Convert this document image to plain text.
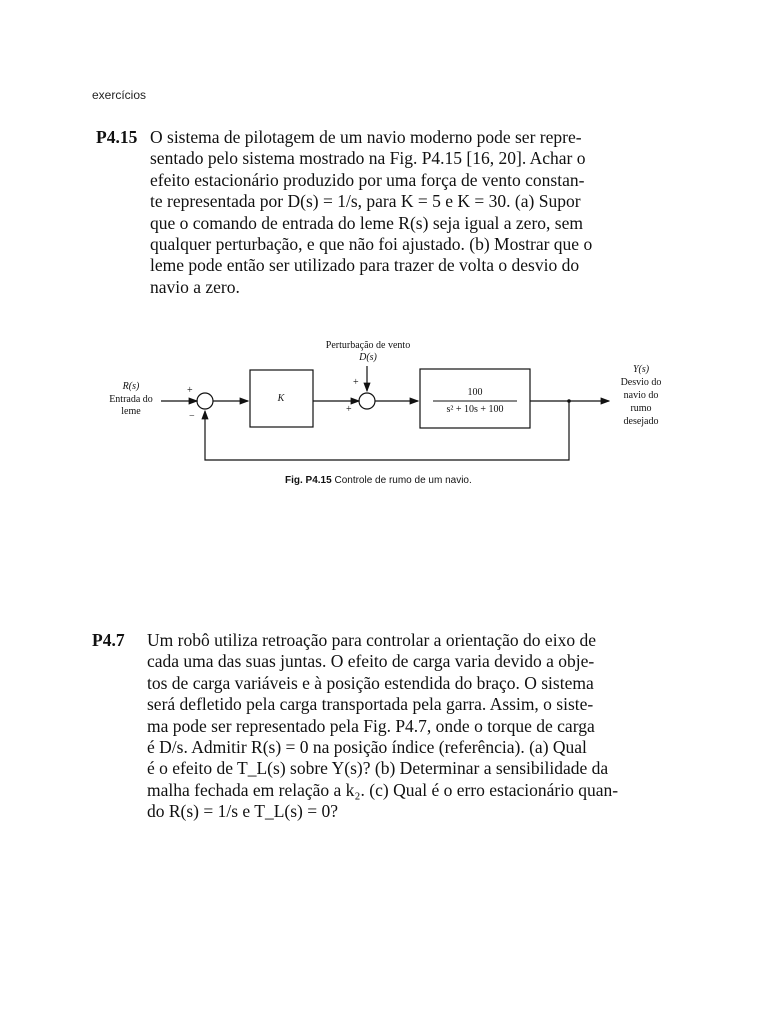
exercícios
P4.15 O sistema de pilotagem de um navio moderno pode ser repre-
sentado pelo sistema mostrado na Fig. P4.15 [16, 20]. Achar o
efeito estacionário produzido por uma força de vento constan-
te representada por D(s) = 1/s, para K = 5 e K = 30. (a) Supor
que o comando de entrada do leme R(s) seja igual a zero, sem
qualquer perturbação, e que não foi ajustado. (b) Mostrar que o
leme pode então ser utilizado para trazer de volta o desvio do
navio a zero.
Perturbação de vento
D(s)
R(s)
Entrada do
leme
+
−
K
+
+
100
s² + 10s + 100
Y(s)
Desvio do
navio do
rumo
desejado
Fig. P4.15 Controle de rumo de um navio.
P4.7 Um robô utiliza retroação para controlar a orientação do eixo de
cada uma das suas juntas. O efeito de carga varia devido a obje-
tos de carga variáveis e à posição estendida do braço. O sistema
será defletido pela carga transportada pela garra. Assim, o siste-
ma pode ser representado pela Fig. P4.7, onde o torque de carga
é D/s. Admitir R(s) = 0 na posição índice (referência). (a) Qual
é o efeito de T_L(s) sobre Y(s)? (b) Determinar a sensibilidade da
malha fechada em relação a k₂. (c) Qual é o erro estacionário quan-
do R(s) = 1/s e T_L(s) = 0?
